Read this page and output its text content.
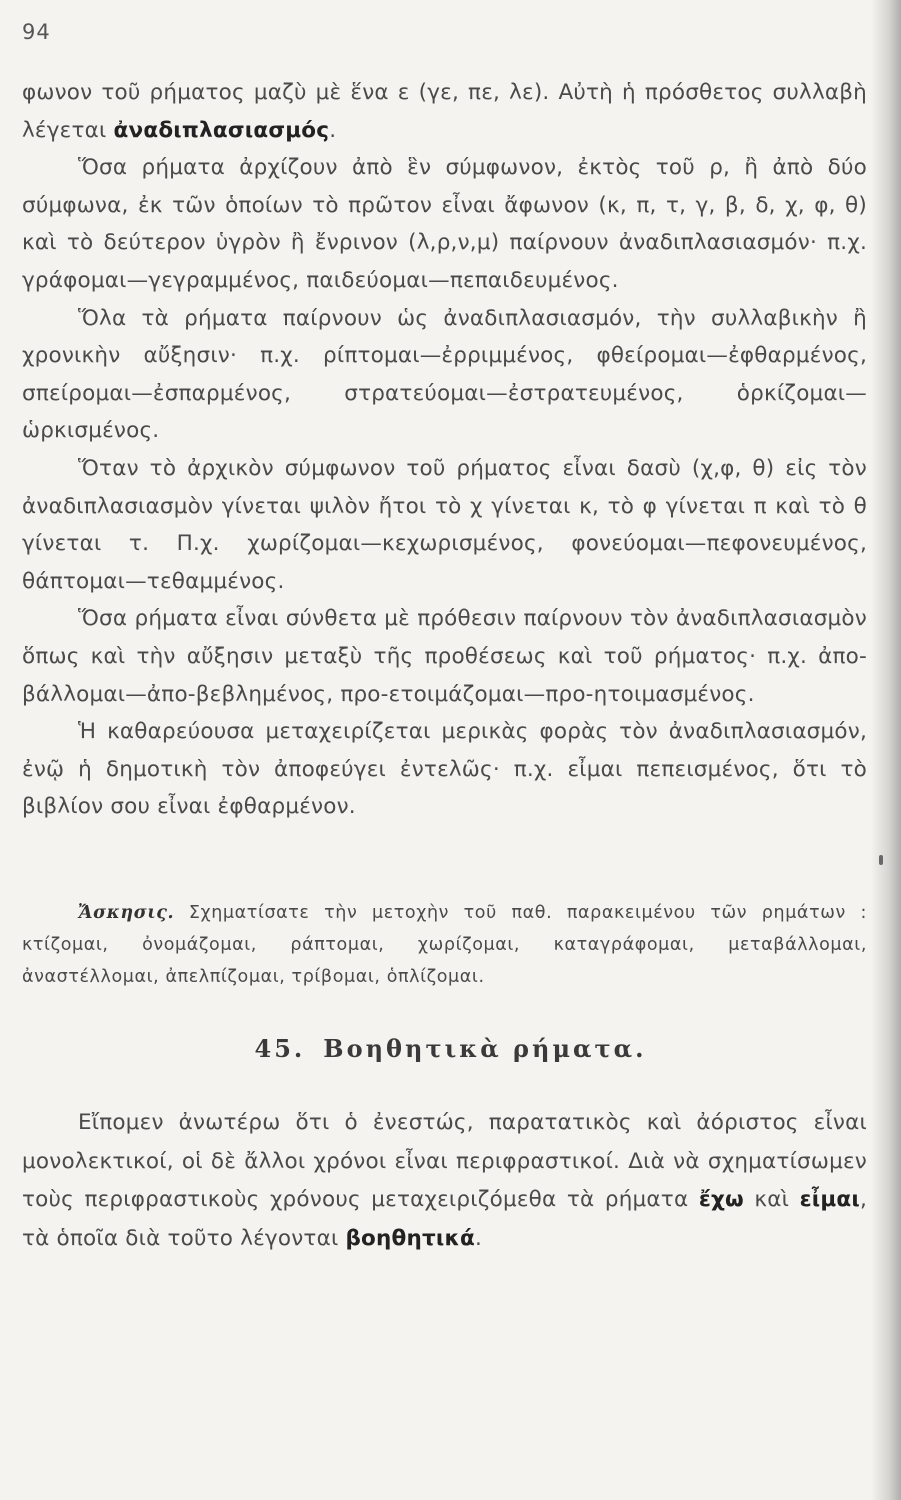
94

φωνον τοῦ ρήματος μαζὺ μὲ ἕνα ε (γε, πε, λε). Αὐτὴ ἡ πρόσθετος συλλαβὴ λέγεται ἀναδιπλασιασμός.

Ὅσα ρήματα ἀρχίζουν ἀπὸ ἓν σύμφωνον, ἐκτὸς τοῦ ρ, ἢ ἀπὸ δύο σύμφωνα, ἐκ τῶν ὁποίων τὸ πρῶτον εἶναι ἄφωνον (κ, π, τ, γ, β, δ, χ, φ, θ) καὶ τὸ δεύτερον ὑγρὸν ἢ ἔνρινον (λ,ρ,ν,μ) παίρνουν ἀναδιπλασιασμόν· π.χ. γράφομαι—γεγραμμένος, παιδεύομαι—πεπαιδευμένος.

Ὅλα τὰ ρήματα παίρνουν ὡς ἀναδιπλασιασμόν, τὴν συλλαβικὴν ἢ χρονικὴν αὔξησιν· π.χ. ρίπτομαι—ἐρριμμένος, φθείρομαι—ἐφθαρμένος, σπείρομαι—ἐσπαρμένος, στρατεύομαι—ἐστρατευμένος, ὁρκίζομαι—ὡρκισμένος.

Ὅταν τὸ ἀρχικὸν σύμφωνον τοῦ ρήματος εἶναι δασὺ (χ,φ, θ) εἰς τὸν ἀναδιπλασιασμὸν γίνεται ψιλὸν ἤτοι τὸ χ γίνεται κ, τὸ φ γίνεται π καὶ τὸ θ γίνεται τ. Π.χ. χωρίζομαι—κεχωρισμένος, φονεύομαι—πεφονευμένος, θάπτομαι—τεθαμμένος.

Ὅσα ρήματα εἶναι σύνθετα μὲ πρόθεσιν παίρνουν τὸν ἀναδιπλασιασμὸν ὅπως καὶ τὴν αὔξησιν μεταξὺ τῆς προθέσεως καὶ τοῦ ρήματος· π.χ. ἀπο-βάλλομαι—ἀπο-βεβλημένος, προ-ετοιμάζομαι—προ-ητοιμασμένος.

Ἡ καθαρεύουσα μεταχειρίζεται μερικὰς φορὰς τὸν ἀναδιπλασιασμόν, ἐνῷ ἡ δημοτικὴ τὸν ἀποφεύγει ἐντελῶς· π.χ. εἶμαι πεπεισμένος, ὅτι τὸ βιβλίον σου εἶναι ἐφθαρμένον.

Ἄσκησις. Σχηματίσατε τὴν μετοχὴν τοῦ παθ. παρακειμένου τῶν ρημάτων : κτίζομαι, ὀνομάζομαι, ράπτομαι, χωρίζομαι, καταγράφομαι, μεταβάλλομαι, ἀναστέλλομαι, ἀπελπίζομαι, τρίβομαι, ὁπλίζομαι.

45. Βοηθητικὰ ρήματα.

Εἴπομεν ἀνωτέρω ὅτι ὁ ἐνεστώς, παρατατικὸς καὶ ἀόριστος εἶναι μονολεκτικοί, οἱ δὲ ἄλλοι χρόνοι εἶναι περιφραστικοί. Διὰ νὰ σχηματίσωμεν τοὺς περιφραστικοὺς χρόνους μεταχειριζόμεθα τὰ ρήματα ἔχω καὶ εἶμαι, τὰ ὁποῖα διὰ τοῦτο λέγονται βοηθητικά.
